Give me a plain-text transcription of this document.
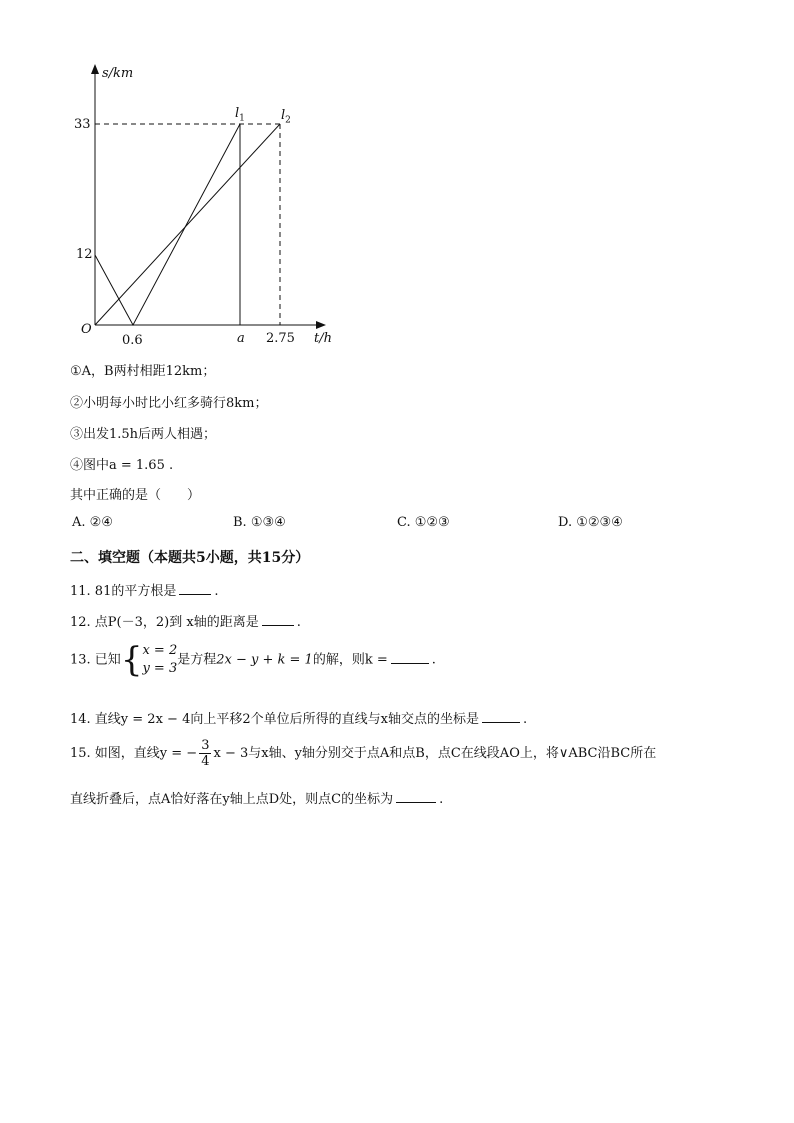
s/km
33
12
O
0.6	a 2.75 t/h
$l_1$	$l_2$
①A，B两村相距12km；
②小明每小时比小红多骑行8km；
③出发1.5h后两人相遇；
④图中a = 1.65 .
其中正确的是（　　）
A. ②④	B. ①③④	C. ①②③	D. ①②③④
二、填空题（本题共5小题，共15分）
11. 81的平方根是	.
12. 点P(－3，2)到 x轴的距离是	.
13. 已知{ x = 2
y = 3
是方程2x − y + k = 1的解，则k =	.
14. 直线y = 2x − 4向上平移2个单位后所得的直线与x轴交点的坐标是	.
15. 如图，直线y = − $\frac{3}{4}$ x − 3与x轴、y轴分别交于点A和点B，点C在线段AO上，将∨ABC沿BC所在
直线折叠后，点A恰好落在y轴上点D处，则点C的坐标为	.
